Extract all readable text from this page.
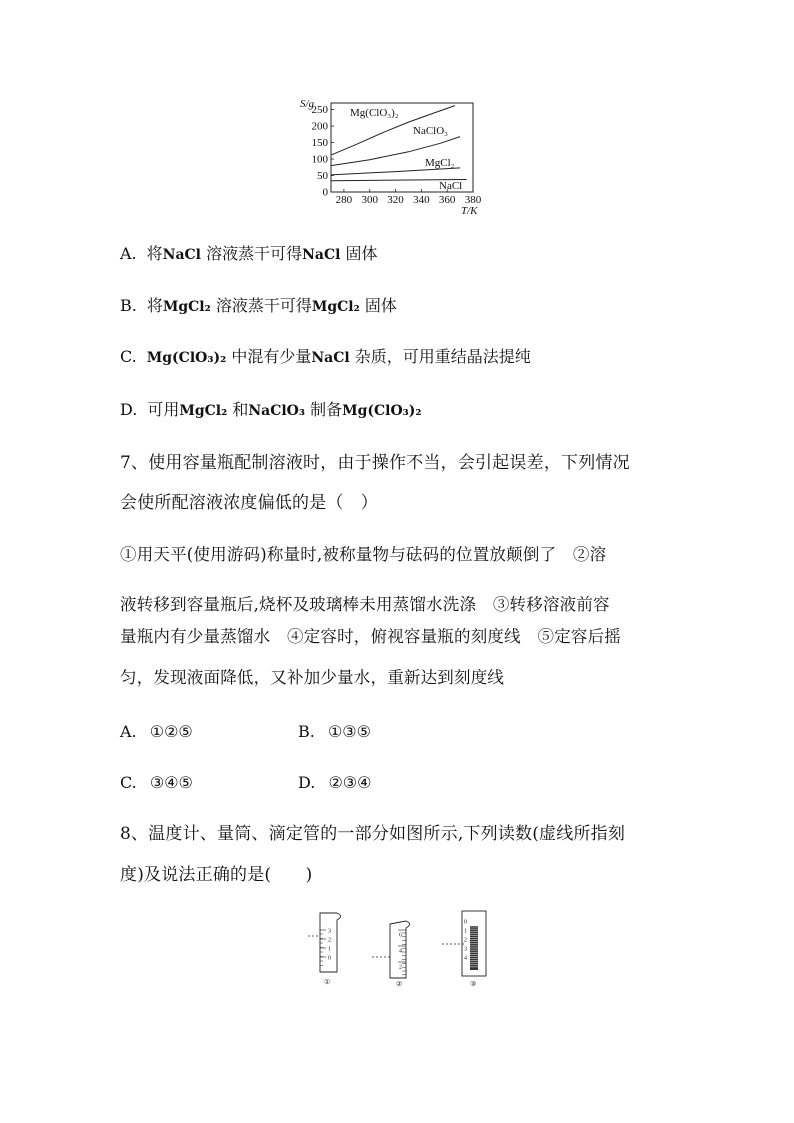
0
50
100
150
200
250
280 300 320 340 360 380
S/g
T/K
Mg(ClO₃)₂
NaClO₃
MgCl₂
NaCl
A. 将NaCl 溶液蒸干可得NaCl 固体
B. 将MgCl₂ 溶液蒸干可得MgCl₂ 固体
C. Mg(ClO₃)₂ 中混有少量NaCl 杂质，可用重结晶法提纯
D. 可用MgCl₂ 和NaClO₃ 制备Mg(ClO₃)₂
7、使用容量瓶配制溶液时，由于操作不当，会引起误差，下列情况
会使所配溶液浓度偏低的是（　）
①用天平(使用游码)称量时,被称量物与砝码的位置放颠倒了　②溶
液转移到容量瓶后,烧杯及玻璃棒未用蒸馏水洗涤　③转移溶液前容
量瓶内有少量蒸馏水　④定容时，俯视容量瓶的刻度线　⑤定容后摇
匀，发现液面降低，又补加少量水，重新达到刻度线
A. ①②⑤	B. ①③⑤
C. ③④⑤	D. ②③④
8、温度计、量筒、滴定管的一部分如图所示,下列读数(虚线所指刻
度)及说法正确的是(　　)
3
2
1
0
①
6
4
2
②
0
1
2
3
4
③
